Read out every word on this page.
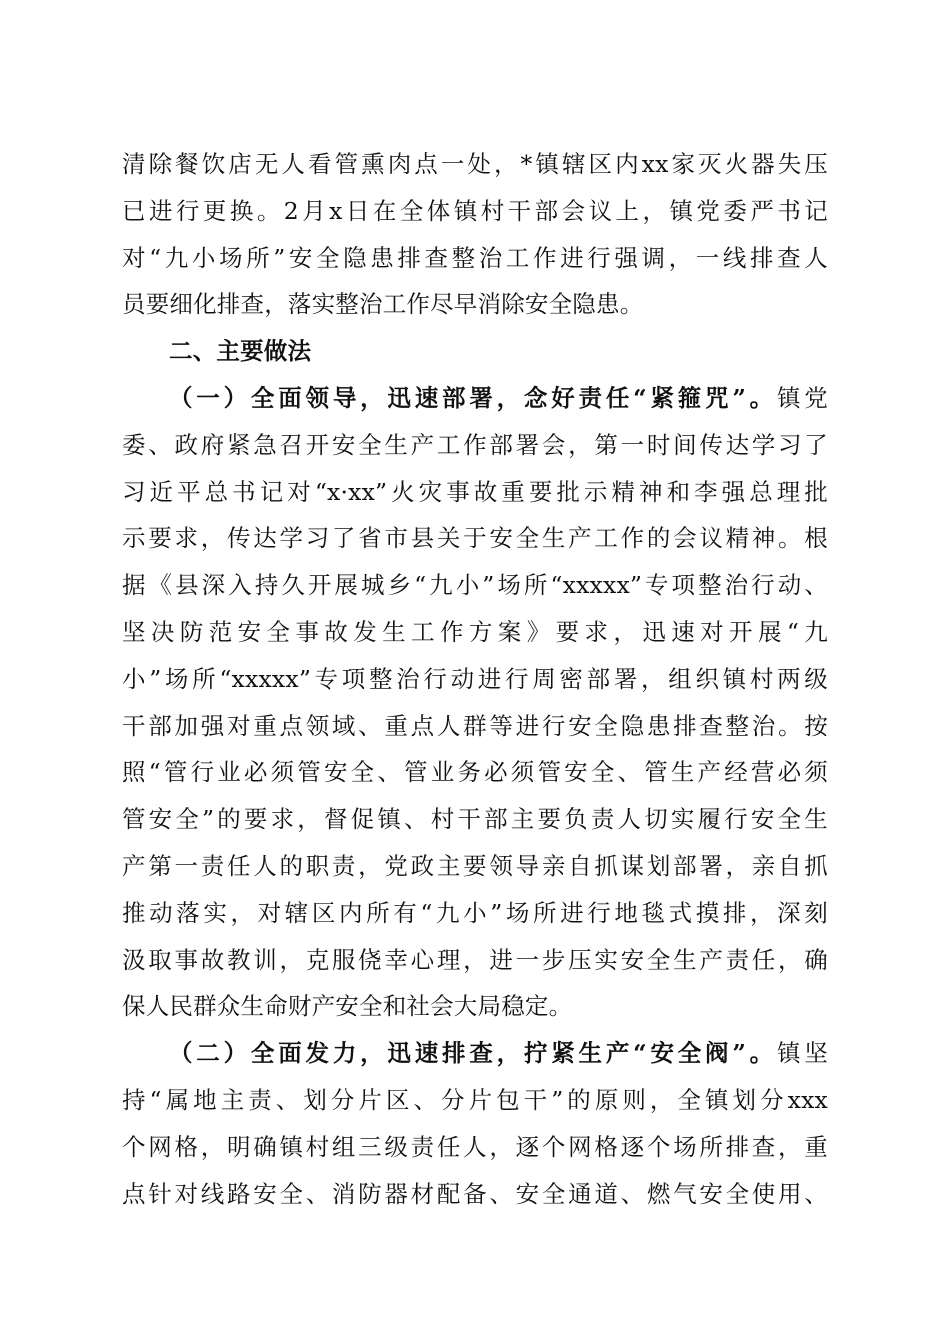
清除餐饮店无人看管熏肉点一处，*镇辖区内xx家灭火器失压
已进行更换。2月x日在全体镇村干部会议上，镇党委严书记
对“九小场所”安全隐患排查整治工作进行强调，一线排查人
员要细化排查，落实整治工作尽早消除安全隐患。
二、主要做法
（一）全面领导，迅速部署，念好责任“紧箍咒”。镇党
委、政府紧急召开安全生产工作部署会，第一时间传达学习了
习近平总书记对“x·xx”火灾事故重要批示精神和李强总理批
示要求，传达学习了省市县关于安全生产工作的会议精神。根
据《县深入持久开展城乡“九小”场所“xxxxx”专项整治行动、
坚决防范安全事故发生工作方案》要求，迅速对开展“九
小”场所“xxxxx”专项整治行动进行周密部署，组织镇村两级
干部加强对重点领域、重点人群等进行安全隐患排查整治。按
照“管行业必须管安全、管业务必须管安全、管生产经营必须
管安全”的要求，督促镇、村干部主要负责人切实履行安全生
产第一责任人的职责，党政主要领导亲自抓谋划部署，亲自抓
推动落实，对辖区内所有“九小”场所进行地毯式摸排，深刻
汲取事故教训，克服侥幸心理，进一步压实安全生产责任，确
保人民群众生命财产安全和社会大局稳定。
（二）全面发力，迅速排查，拧紧生产“安全阀”。镇坚
持“属地主责、划分片区、分片包干”的原则，全镇划分xxx
个网格，明确镇村组三级责任人，逐个网格逐个场所排查，重
点针对线路安全、消防器材配备、安全通道、燃气安全使用、
